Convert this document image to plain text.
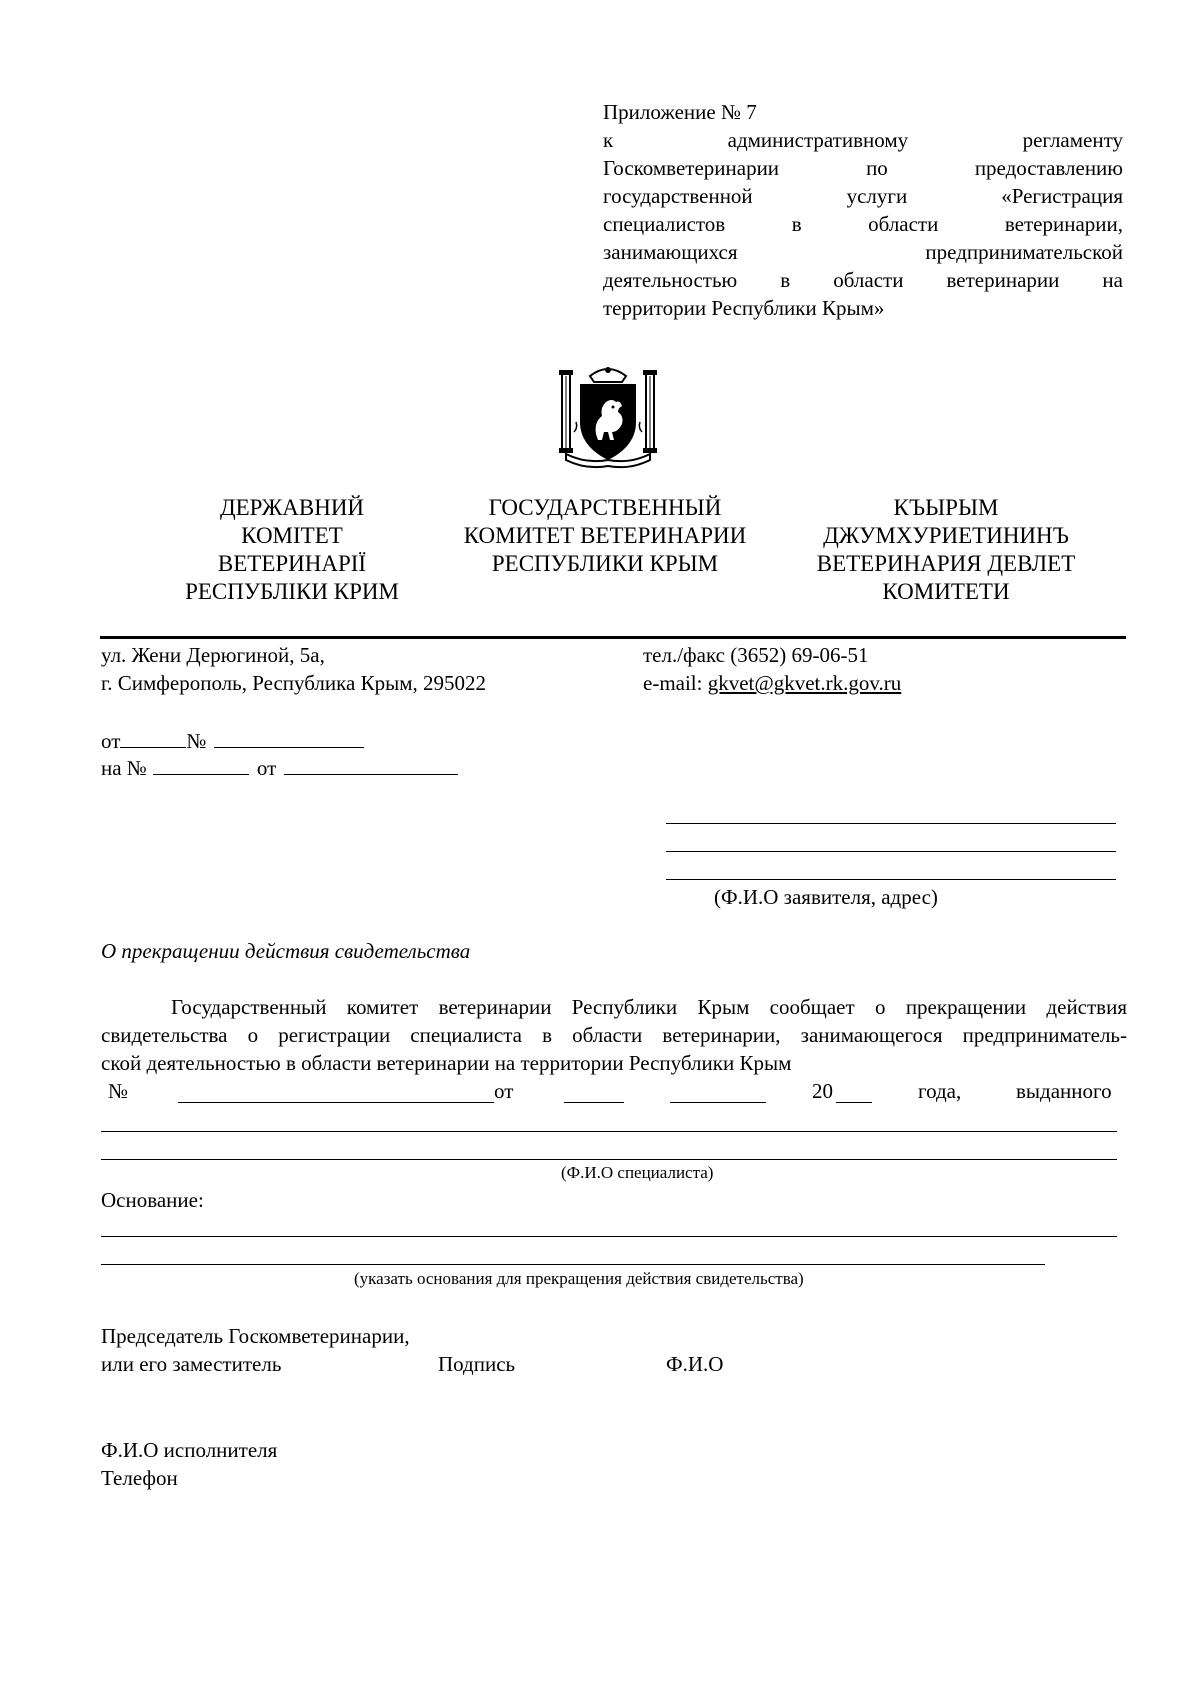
Приложение № 7
к административному регламенту
Госкомветеринарии по предоставлению
государственной услуги «Регистрация
специалистов в области ветеринарии,
занимающихся предпринимательской
деятельностью в области ветеринарии на
территории Республики Крым»
ДЕРЖАВНИЙ
КОМІТЕТ
ВЕТЕРИНАРІЇ
РЕСПУБЛІКИ КРИМ
ГОСУДАРСТВЕННЫЙ
КОМИТЕТ ВЕТЕРИНАРИИ
РЕСПУБЛИКИ КРЫМ
КЪЫРЫМ
ДЖУМХУРИЕТИНИНЪ
ВЕТЕРИНАРИЯ ДЕВЛЕТ
КОМИТЕТИ
ул. Жени Дерюгиной, 5а,
г. Симферополь, Республика Крым, 295022
тел./факс (3652) 69-06-51
e-mail: gkvet@gkvet.rk.gov.ru
от	№
на №	от
(Ф.И.О заявителя, адрес)
О прекращении действия свидетельства
Государственный комитет ветеринарии Республики Крым сообщает о прекращении действия
свидетельства о регистрации специалиста в области ветеринарии, занимающегося предприниматель-
ской деятельностью в области ветеринарии на территории Республики Крым
№	от	20	года,	выданного
(Ф.И.О специалиста)
Основание:
(указать основания для прекращения действия свидетельства)
Председатель Госкомветеринарии,
или его заместитель	Подпись	Ф.И.О
Ф.И.О исполнителя
Телефон
